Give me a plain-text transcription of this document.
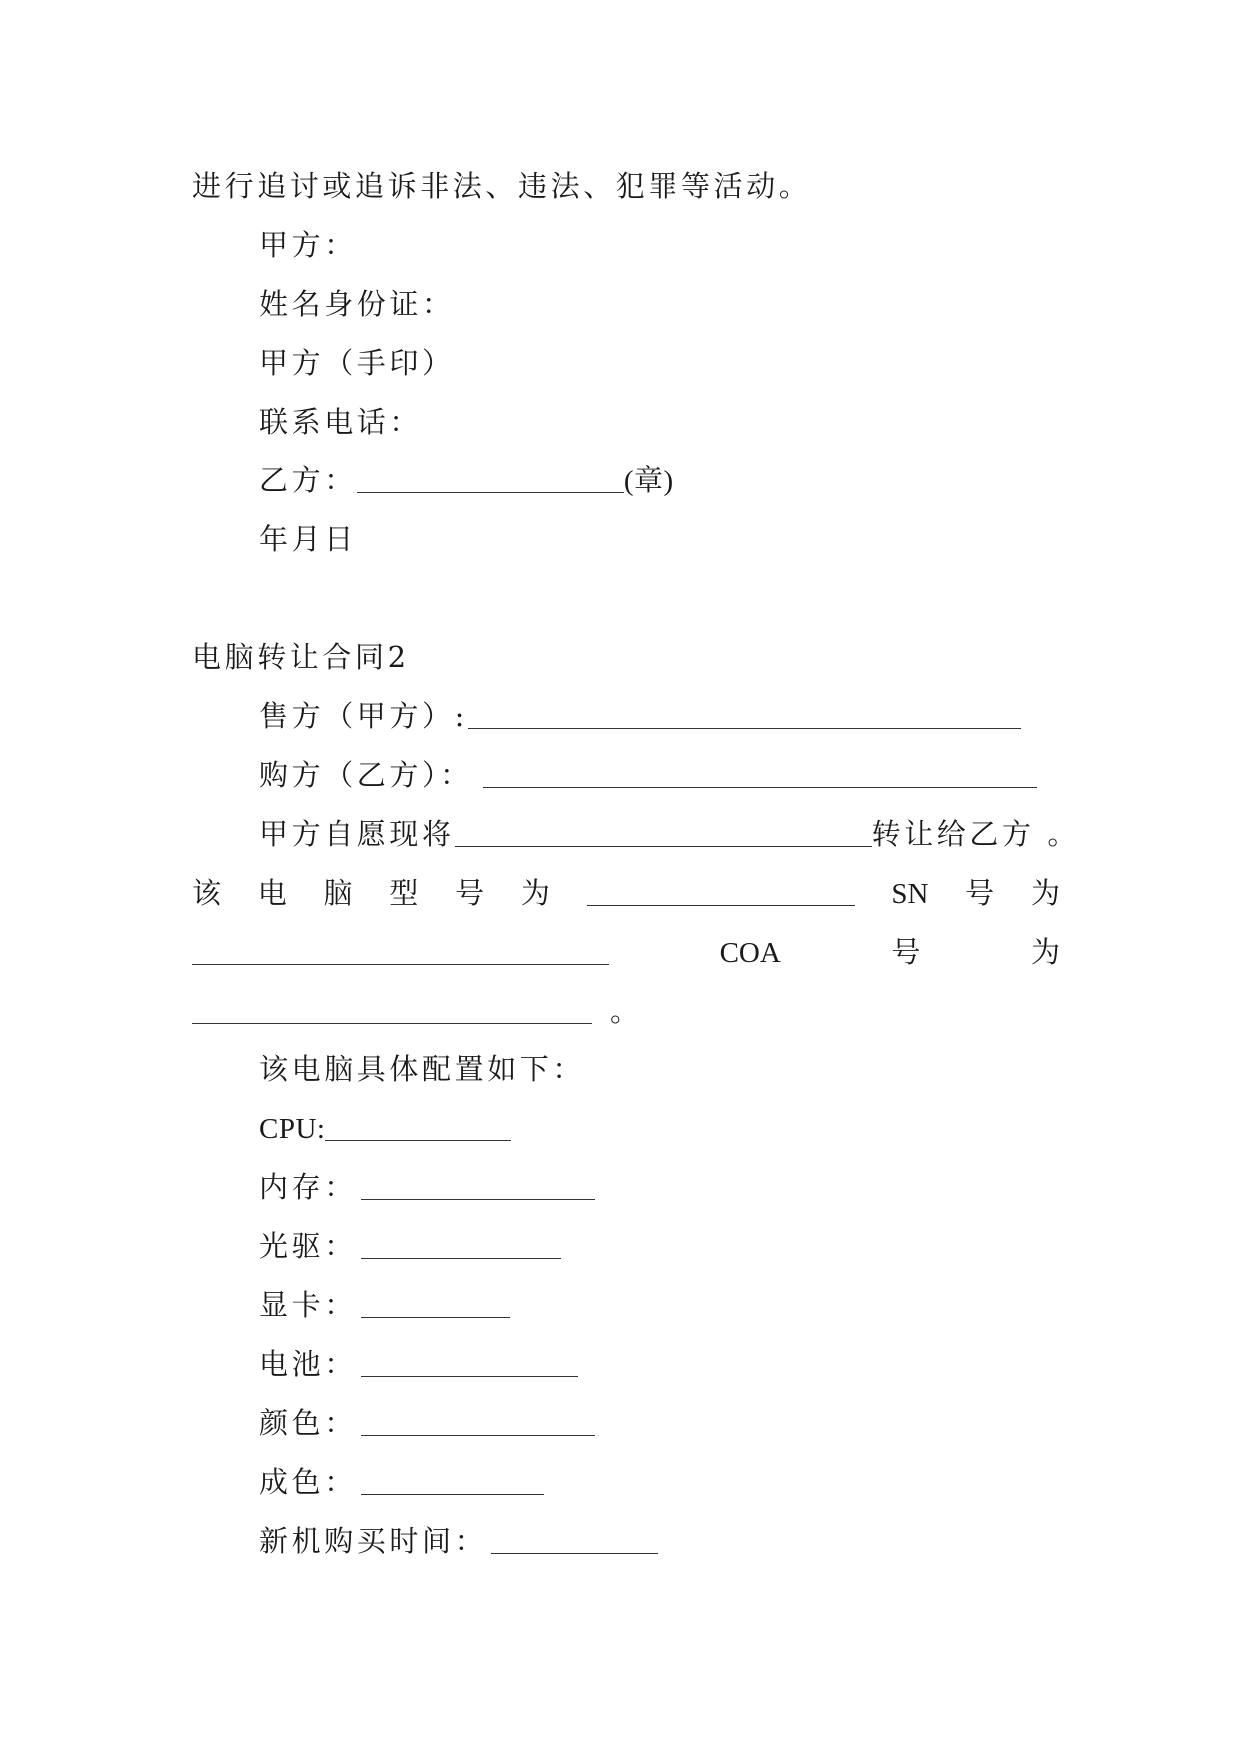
进行追讨或追诉非法、违法、犯罪等活动。
甲方：
姓名身份证：
甲方（手印）
联系电话：
乙方：	(章)
年月日
电脑转让合同2
售方（甲方）:
购方（乙方）：
甲方自愿现将	转让给乙方 。
该 电 脑 型 号 为	SN 号 为
COA	号	为
。
该电脑具体配置如下：
CPU:
内存：
光驱：
显卡：
电池：
颜色：
成色：
新机购买时间：
